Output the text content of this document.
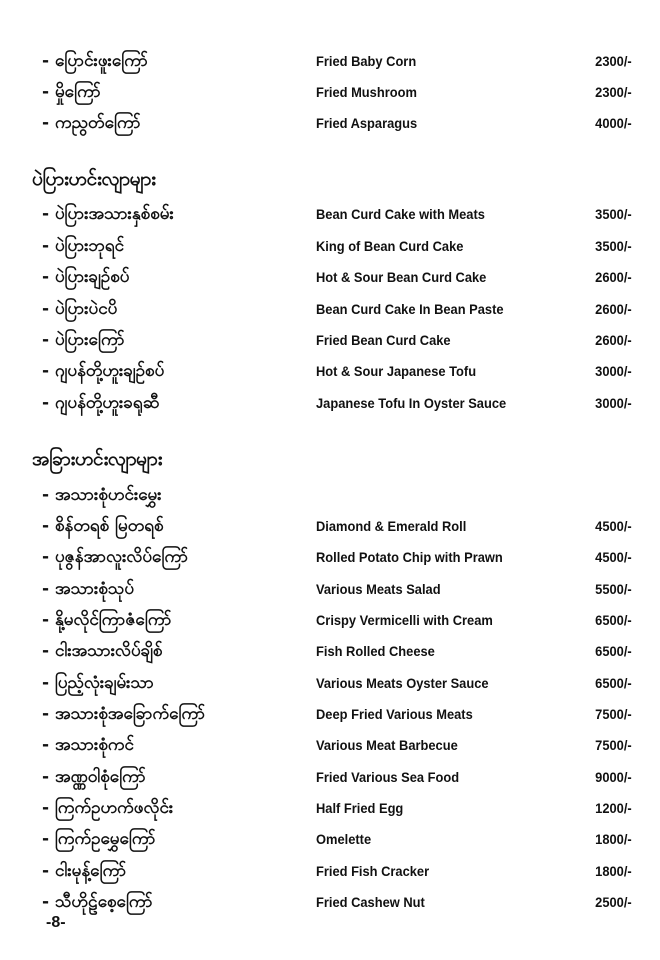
- ပြောင်းဖူးကြော်	Fried Baby Corn	2300/-
- မှိုကြော်	Fried Mushroom	2300/-
- ကညွတ်ကြော်	Fried Asparagus	4000/-
ပဲပြားဟင်းလျာများ
- ပဲပြားအသားနှစ်စမ်း	Bean Curd Cake with Meats	3500/-
- ပဲပြားဘုရင်	King of Bean Curd Cake	3500/-
- ပဲပြားချဉ်စပ်	Hot & Sour Bean Curd Cake	2600/-
- ပဲပြားပဲငပိ	Bean Curd Cake In Bean Paste	2600/-
- ပဲပြားကြော်	Fried Bean Curd Cake	2600/-
- ဂျပန်တို့ဟူးချဉ်စပ်	Hot & Sour Japanese Tofu	3000/-
- ဂျပန်တို့ဟူးခရုဆီ	Japanese Tofu In Oyster Sauce	3000/-
အခြားဟင်းလျာများ
- အသားစုံဟင်းမွှေး
- စိန်တရစ် မြတရစ်	Diamond & Emerald Roll	4500/-
- ပုဇွန်အာလူးလိပ်ကြော်	Rolled Potato Chip with Prawn	4500/-
- အသားစုံသုပ်	Various Meats Salad	5500/-
- နို့မလိုင်ကြာဇံကြော်	Crispy Vermicelli with Cream	6500/-
- ငါးအသားလိပ်ချိစ်	Fish Rolled Cheese	6500/-
- ပြည့်လုံးချမ်းသာ	Various Meats Oyster Sauce	6500/-
- အသားစုံအခြောက်ကြော်	Deep Fried Various Meats	7500/-
- အသားစုံကင်	Various Meat Barbecue	7500/-
- အဏ္ဏဝါစုံကြော်	Fried Various Sea Food	9000/-
- ကြက်ဥဟက်ဖလိုင်း	Half Fried Egg	1200/-
- ကြက်ဥမွှေကြော်	Omelette	1800/-
- ငါးမုန့်ကြော်	Fried Fish Cracker	1800/-
- သီဟိုဠ်စေ့ကြော်	Fried Cashew Nut	2500/-
-8-
